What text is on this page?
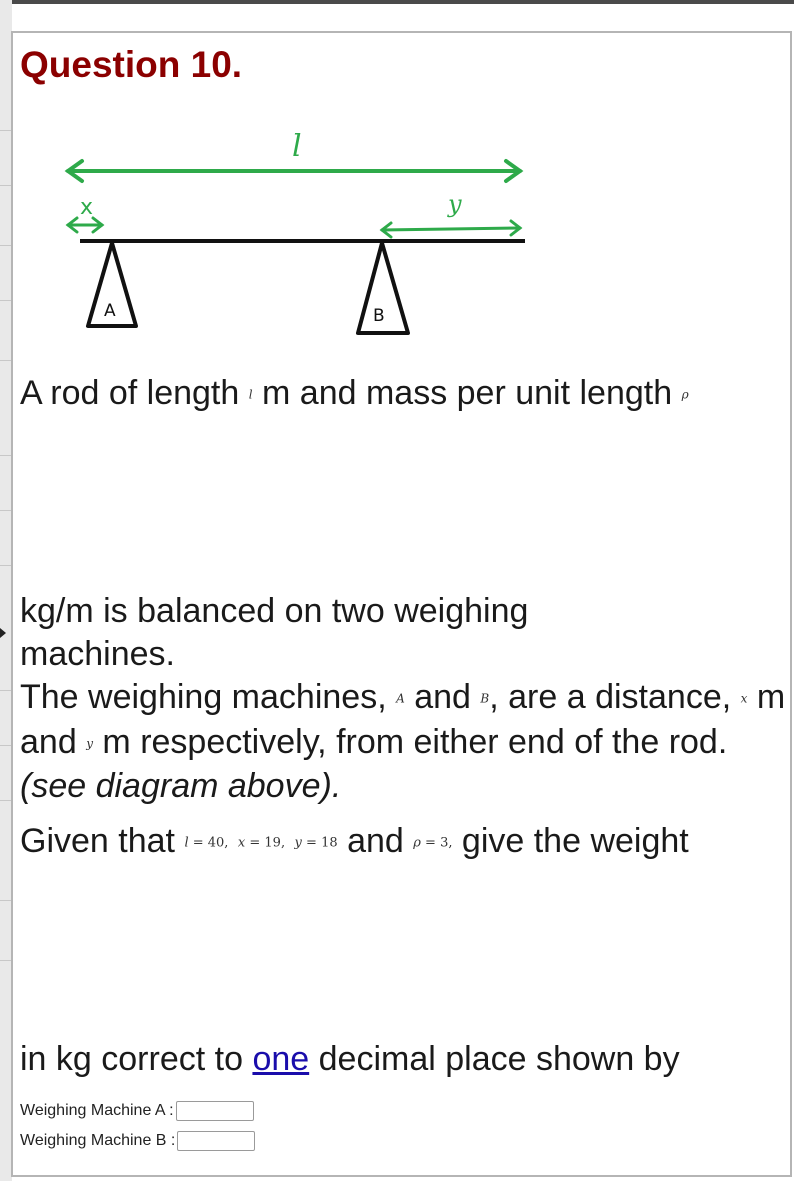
Question 10.
l
x	y
A	B

A rod of length l m and mass per unit length ρ

kg/m is balanced on two weighing machines.

The weighing machines, A and B, are a distance, x m and y m respectively, from either end of the rod. (see diagram above).

Given that l = 40, x = 19, y = 18 and ρ = 3, give the weight

in kg correct to one decimal place shown by

Weighing Machine A :
Weighing Machine B :
